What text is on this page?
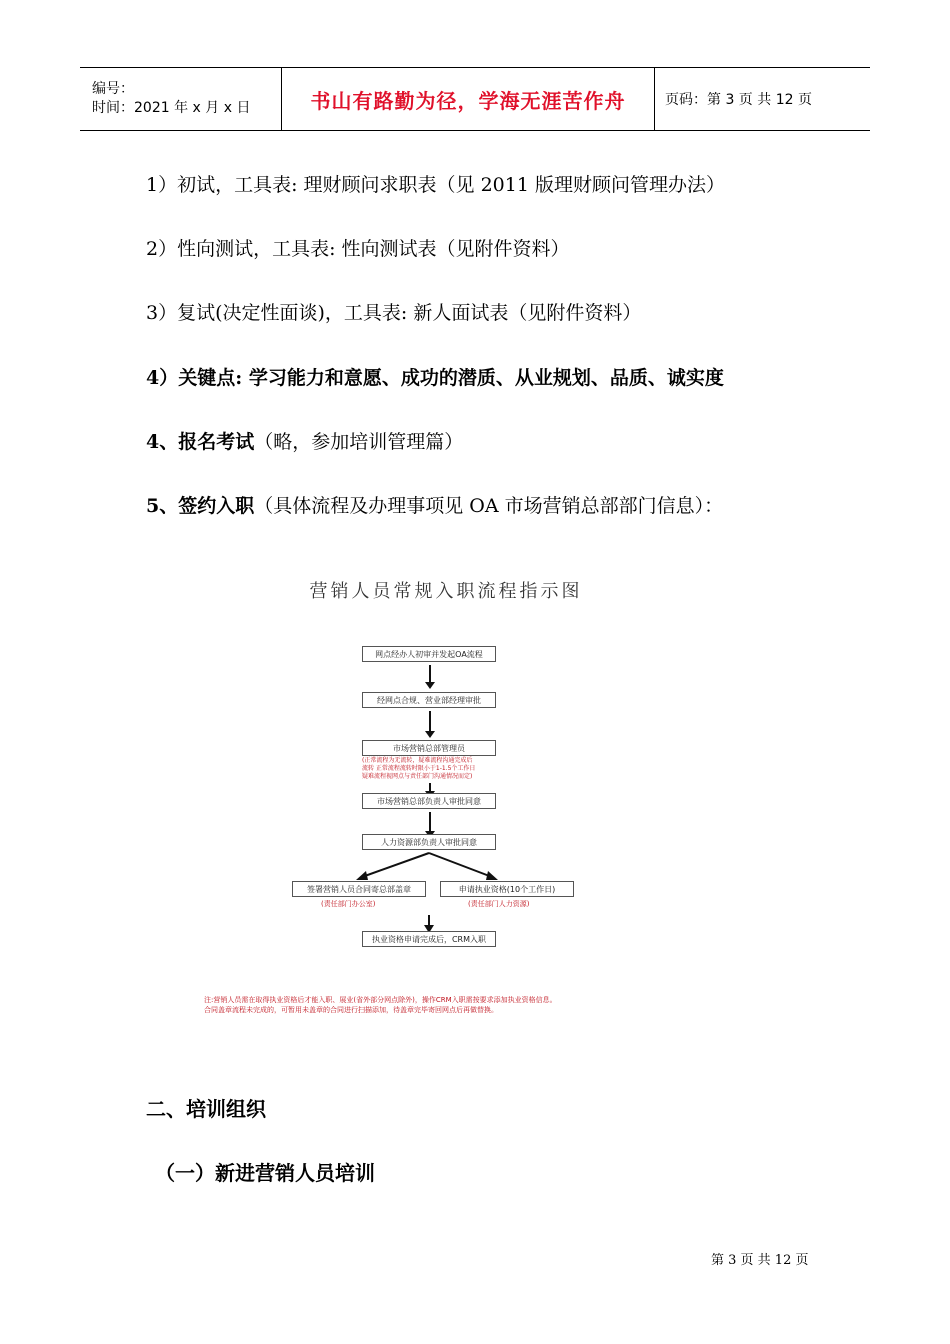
编号：
时间：2021 年 x 月 x 日	书山有路勤为径，学海无涯苦作舟	页码：第 3 页 共 12 页
1）初试，工具表: 理财顾问求职表（见 2011 版理财顾问管理办法）
2）性向测试，工具表: 性向测试表（见附件资料）
3）复试(决定性面谈)，工具表: 新人面试表（见附件资料）
4）关键点: 学习能力和意愿、成功的潜质、从业规划、品质、诚实度
4、报名考试（略，参加培训管理篇）
5、签约入职（具体流程及办理事项见 OA 市场营销总部部门信息）：
营销人员常规入职流程指示图
网点经办人初审并发起OA流程
经网点合规、营业部经理审批
市场营销总部管理员
(正常流程为无流转，疑难流程沟通完成后
流转 正常流程流转时限小于1-1.5个工作日
疑难流程视网点与责任部门沟通情况而定)
市场营销总部负责人审批同意
人力资源部负责人审批同意
签署营销人员合同寄总部盖章
(责任部门办公室)
申请执业资格(10个工作日)
(责任部门人力资源)
执业资格申请完成后，CRM入职
注:营销人员需在取得执业资格后才能入职、展业(省外部分网点除外)，操作CRM入职需按要求添加执业资格信息。
合同盖章流程未完成的，可暂用未盖章的合同进行扫描添加，待盖章完毕寄回网点后再做替换。
二、培训组织
（一）新进营销人员培训
第 3 页 共 12 页
